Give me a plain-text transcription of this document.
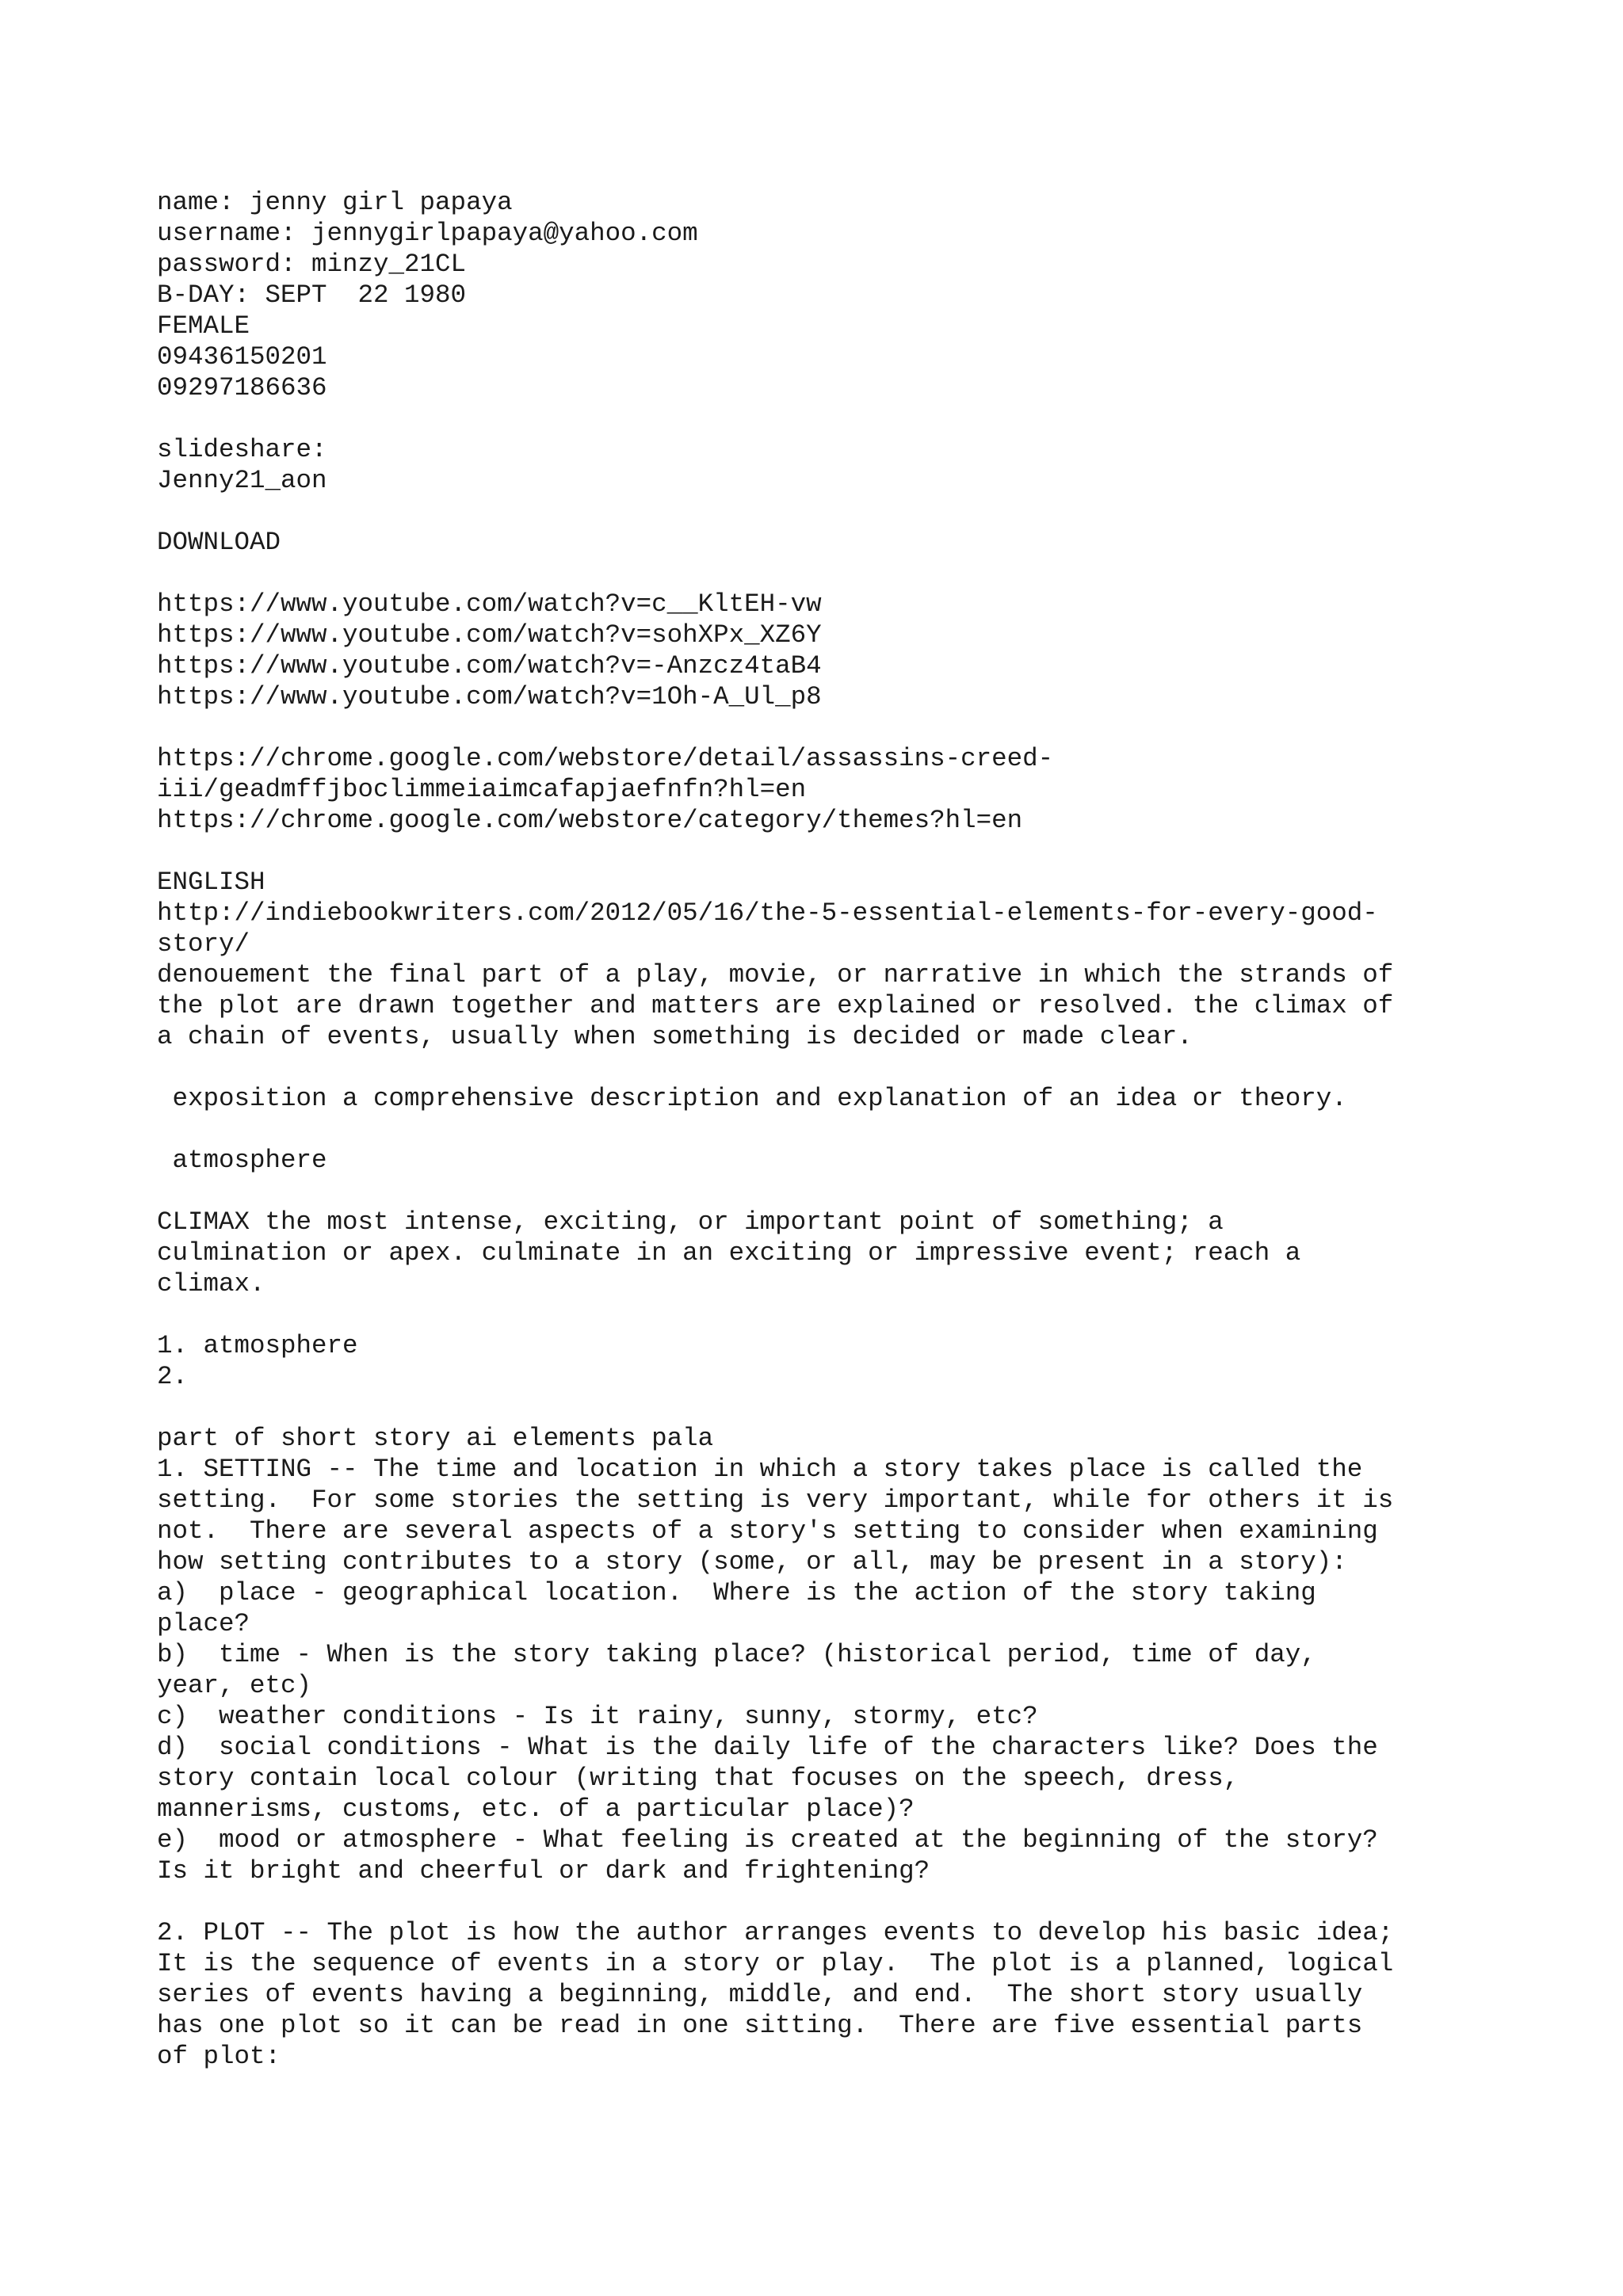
name: jenny girl papaya
username: jennygirlpapaya@yahoo.com
password: minzy_21CL
B-DAY: SEPT  22 1980
FEMALE
09436150201
09297186636
slideshare:
Jenny21_aon
DOWNLOAD
https://www.youtube.com/watch?v=c__KltEH-vw
https://www.youtube.com/watch?v=sohXPx_XZ6Y
https://www.youtube.com/watch?v=-Anzcz4taB4
https://www.youtube.com/watch?v=1Oh-A_Ul_p8
https://chrome.google.com/webstore/detail/assassins-creed-
iii/geadmffjboclimmeiaimcafapjaefnfn?hl=en
https://chrome.google.com/webstore/category/themes?hl=en
ENGLISH
http://indiebookwriters.com/2012/05/16/the-5-essential-elements-for-every-good-
story/
denouement the final part of a play, movie, or narrative in which the strands of
the plot are drawn together and matters are explained or resolved. the climax of
a chain of events, usually when something is decided or made clear.
exposition a comprehensive description and explanation of an idea or theory.
atmosphere
CLIMAX the most intense, exciting, or important point of something; a
culmination or apex. culminate in an exciting or impressive event; reach a
climax.
1. atmosphere
2.
part of short story ai elements pala
1. SETTING -- The time and location in which a story takes place is called the
setting.  For some stories the setting is very important, while for others it is
not.  There are several aspects of a story's setting to consider when examining
how setting contributes to a story (some, or all, may be present in a story):
a)  place - geographical location.  Where is the action of the story taking
place?
b)  time - When is the story taking place? (historical period, time of day,
year, etc)
c)  weather conditions - Is it rainy, sunny, stormy, etc?
d)  social conditions - What is the daily life of the characters like? Does the
story contain local colour (writing that focuses on the speech, dress,
mannerisms, customs, etc. of a particular place)?
e)  mood or atmosphere - What feeling is created at the beginning of the story?
Is it bright and cheerful or dark and frightening?
2. PLOT -- The plot is how the author arranges events to develop his basic idea;
It is the sequence of events in a story or play.  The plot is a planned, logical
series of events having a beginning, middle, and end.  The short story usually
has one plot so it can be read in one sitting.  There are five essential parts
of plot:
